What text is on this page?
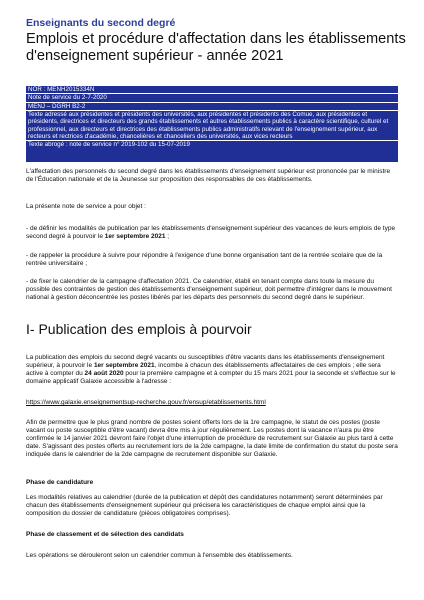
Enseignants du second degré
Emplois et procédure d'affectation dans les établissements d'enseignement supérieur - année 2021
NOR : MENH2015334N
Note de service du 2-7-2020
MENJ – DGRH B2-2
Texte adressé aux présidentes et présidents des universités, aux présidentes et présidents des Comue, aux présidentes et présidents, directrices et directeurs des grands établissements et autres établissements publics à caractère scientifique, culturel et professionnel, aux directeurs et directrices des établissements publics administratifs relevant de l'enseignement supérieur, aux recteurs et rectrices d'académie, chancelières et chanceliers des universités, aux vices recteurs
Texte abrogé : note de service n° 2019-102 du 15-07-2019
L'affectation des personnels du second degré dans les établissements d'enseignement supérieur est prononcée par le ministre de l'Éducation nationale et de la Jeunesse sur proposition des responsables de ces établissements.
La présente note de service a pour objet :
- de définir les modalités de publication par les établissements d'enseignement supérieur des vacances de leurs emplois de type second degré à pourvoir le 1er septembre 2021 ;
- de rappeler la procédure à suivre pour répondre à l'exigence d'une bonne organisation tant de la rentrée scolaire que de la rentrée universitaire ;
- de fixer le calendrier de la campagne d'affectation 2021. Ce calendrier, établi en tenant compte dans toute la mesure du possible des contraintes de gestion des établissements d'enseignement supérieur, doit permettre d'intégrer dans le mouvement national à gestion déconcentrée les postes libérés par les départs des personnels du second degré dans le supérieur.
I- Publication des emplois à pourvoir
La publication des emplois du second degré vacants ou susceptibles d'être vacants dans les établissements d'enseignement supérieur, à pourvoir le 1er septembre 2021, incombe à chacun des établissements affectataires de ces emplois ; elle sera active à compter du 24 août 2020 pour la première campagne et à compter du 15 mars 2021 pour la seconde et s'effectue sur le domaine applicatif Galaxie accessible à l'adresse :
https://www.galaxie.enseignementsup-recherche.gouv.fr/ensup/etablissements.html
Afin de permettre que le plus grand nombre de postes soient offerts lors de la 1re campagne, le statut de ces postes (poste vacant ou poste susceptible d'être vacant) devra être mis à jour régulièrement. Les postes dont la vacance n'aura pu être confirmée le 14 janvier 2021 devront faire l'objet d'une interruption de procédure de recrutement sur Galaxie au plus tard à cette date. S'agissant des postes offerts au recrutement lors de la 2de campagne, la date limite de confirmation du statut du poste sera indiquée dans le calendrier de la 2de campagne de recrutement disponible sur Galaxie.
Phase de candidature
Les modalités relatives au calendrier (durée de la publication et dépôt des candidatures notamment) seront déterminées par chacun des établissements d'enseignement supérieur qui précisera les caractéristiques de chaque emploi ainsi que la composition du dossier de candidature (pièces obligatoires comprises).
Phase de classement et de sélection des candidats
Les opérations se dérouleront selon un calendrier commun à l'ensemble des établissements.
